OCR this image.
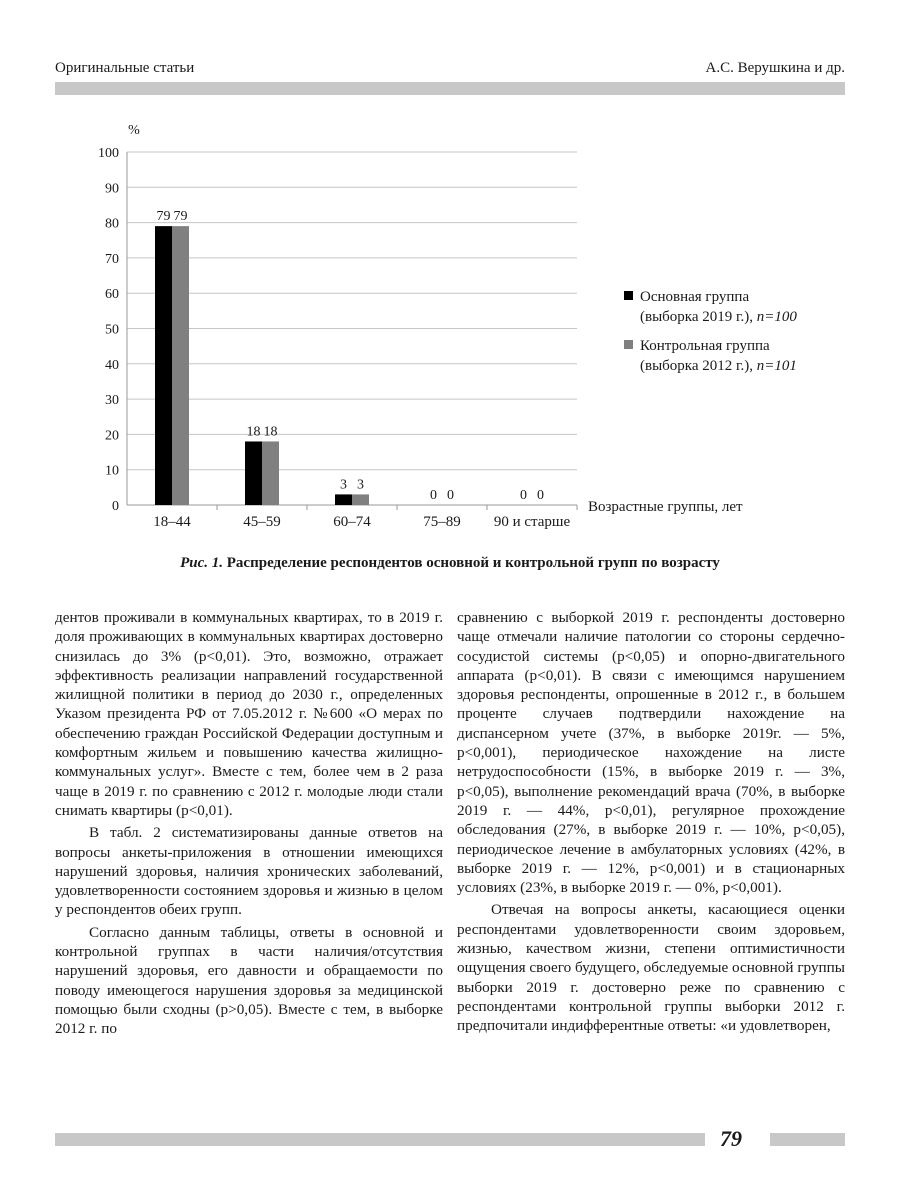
Оригинальные статьи	А.С. Верушкина и др.
0
10
20
30
40
50
60
70
80
90
100
18–44	45–59	60–74	75–89 90 и старше
79 79
18 18
3 3
0 0	0 0
%
Возрастные группы, лет
Основная группа
(выборка 2019 г.), n=100
Контрольная группа
(выборка 2012 г.), n=101
Рис. 1. Распределение респондентов основной и контрольной групп по возрасту

дентов проживали в коммунальных квартирах, то в 2019 г. доля проживающих в коммунальных квартирах достоверно снизилась до 3% (p<0,01). Это, возможно, отражает эффективность реализации направлений государственной жилищной политики в период до 2030 г., определенных Указом президента РФ от 7.05.2012 г. №600 «О мерах по обеспечению граждан Российской Федерации доступным и комфортным жильем и повышению качества жилищно-коммунальных услуг». Вместе с тем, более чем в 2 раза чаще в 2019 г. по сравнению с 2012 г. молодые люди стали снимать квартиры (p<0,01).

В табл. 2 систематизированы данные ответов на вопросы анкеты-приложения в отношении имеющихся нарушений здоровья, наличия хронических заболеваний, удовлетворенности состоянием здоровья и жизнью в целом у респондентов обеих групп.

Согласно данным таблицы, ответы в основной и контрольной группах в части наличия/отсутствия нарушений здоровья, его давности и обращаемости по поводу имеющегося нарушения здоровья за медицинской помощью были сходны (p>0,05). Вместе с тем, в выборке 2012 г. по

сравнению с выборкой 2019 г. респонденты достоверно чаще отмечали наличие патологии со стороны сердечно-сосудистой системы (p<0,05) и опорно-двигательного аппарата (p<0,01). В связи с имеющимся нарушением здоровья респонденты, опрошенные в 2012 г., в большем проценте случаев подтвердили нахождение на диспансерном учете (37%, в выборке 2019г. — 5%, p<0,001), периодическое нахождение на листе нетрудоспособности (15%, в выборке 2019 г. — 3%, p<0,05), выполнение рекомендаций врача (70%, в выборке 2019 г. — 44%, p<0,01), регулярное прохождение обследования (27%, в выборке 2019 г. — 10%, p<0,05), периодическое лечение в амбулаторных условиях (42%, в выборке 2019 г. — 12%, p<0,001) и в стационарных условиях (23%, в выборке 2019 г. — 0%, p<0,001).

Отвечая на вопросы анкеты, касающиеся оценки респондентами удовлетворенности своим здоровьем, жизнью, качеством жизни, степени оптимистичности ощущения своего будущего, обследуемые основной группы выборки 2019 г. достоверно реже по сравнению с респондентами контрольной группы выборки 2012 г. предпочитали индифферентные ответы: «и удовлетворен,

79
